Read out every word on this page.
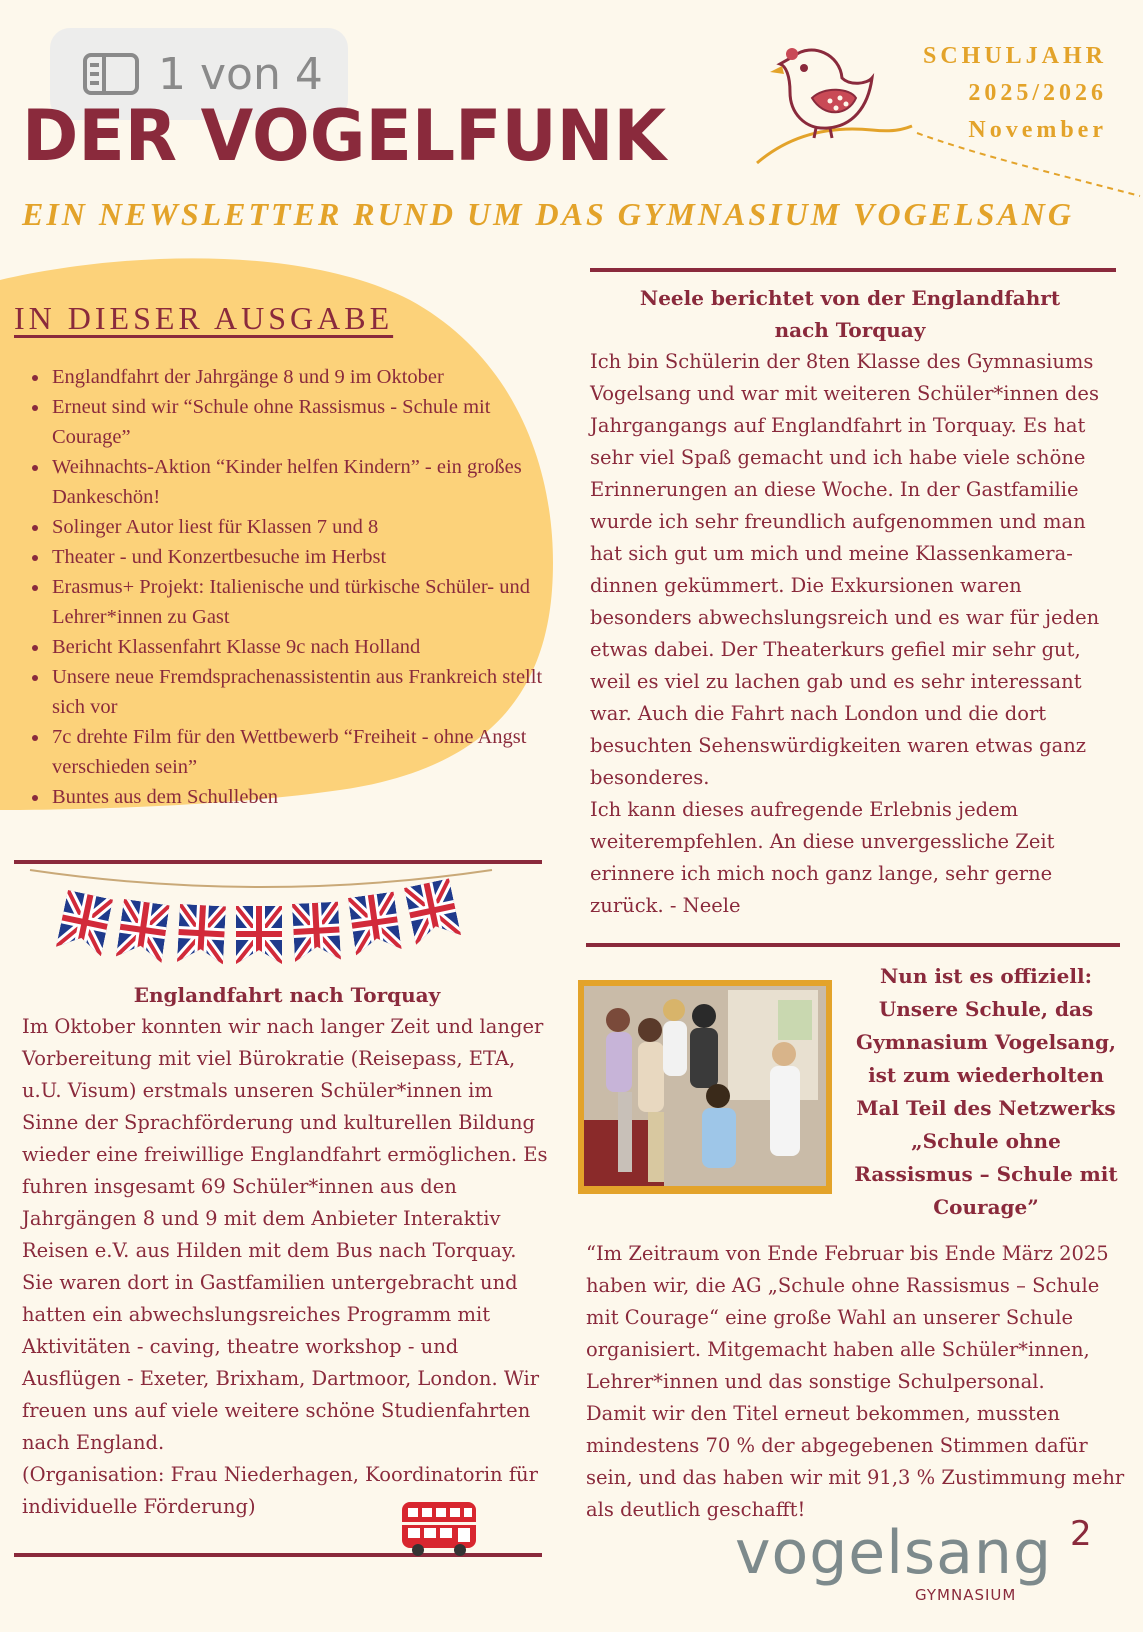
1 von 4
DER VOGELFUNK
SCHULJAHR
2025/2026
November
EIN NEWSLETTER RUND UM DAS GYMNASIUM VOGELSANG
IN DIESER AUSGABE
• Englandfahrt der Jahrgänge 8 und 9 im Oktober
• Erneut sind wir “Schule ohne Rassismus - Schule mit Courage”
• Weihnachts-Aktion “Kinder helfen Kindern” - ein großes Dankeschön!
• Solinger Autor liest für Klassen 7 und 8
• Theater - und Konzertbesuche im Herbst
• Erasmus+ Projekt: Italienische und türkische Schüler- und Lehrer*innen zu Gast
• Bericht Klassenfahrt Klasse 9c nach Holland
• Unsere neue Fremdsprachenassistentin aus Frankreich stellt sich vor
• 7c drehte Film für den Wettbewerb “Freiheit - ohne Angst verschieden sein”
• Buntes aus dem Schulleben
Neele berichtet von der Englandfahrt nach Torquay

Ich bin Schülerin der 8ten Klasse des Gymnasiums Vogelsang und war mit weiteren Schüler*innen des Jahrgangangs auf Englandfahrt in Torquay. Es hat sehr viel Spaß gemacht und ich habe viele schöne Erinnerungen an diese Woche. In der Gastfamilie wurde ich sehr freundlich aufgenommen und man hat sich gut um mich und meine Klassenkamera-dinnen gekümmert. Die Exkursionen waren besonders abwechslungsreich und es war für jeden etwas dabei. Der Theaterkurs gefiel mir sehr gut, weil es viel zu lachen gab und es sehr interessant war. Auch die Fahrt nach London und die dort besuchten Sehenswürdigkeiten waren etwas ganz besonderes.

Ich kann dieses aufregende Erlebnis jedem weiterempfehlen. An diese unvergessliche Zeit erinnere ich mich noch ganz lange, sehr gerne zurück. - Neele

Englandfahrt nach Torquay

Im Oktober konnten wir nach langer Zeit und langer Vorbereitung mit viel Bürokratie (Reisepass, ETA, u.U. Visum) erstmals unseren Schüler*innen im Sinne der Sprachförderung und kulturellen Bildung wieder eine freiwillige Englandfahrt ermöglichen. Es fuhren insgesamt 69 Schüler*innen aus den Jahrgängen 8 und 9 mit dem Anbieter Interaktiv Reisen e.V. aus Hilden mit dem Bus nach Torquay. Sie waren dort in Gastfamilien untergebracht und hatten ein abwechslungsreiches Programm mit Aktivitäten - caving, theatre workshop - und Ausflügen - Exeter, Brixham, Dartmoor, London. Wir freuen uns auf viele weitere schöne Studienfahrten nach England.

(Organisation: Frau Niederhagen, Koordinatorin für individuelle Förderung)

Nun ist es offiziell: Unsere Schule, das Gymnasium Vogelsang, ist zum wiederholten Mal Teil des Netzwerks „Schule ohne Rassismus – Schule mit Courage”

“Im Zeitraum von Ende Februar bis Ende März 2025 haben wir, die AG „Schule ohne Rassismus – Schule mit Courage“ eine große Wahl an unserer Schule organisiert. Mitgemacht haben alle Schüler*innen, Lehrer*innen und das sonstige Schulpersonal.

Damit wir den Titel erneut bekommen, mussten mindestens 70 % der abgegebenen Stimmen dafür sein, und das haben wir mit 91,3 % Zustimmung mehr als deutlich geschafft!

vogelsang 2
GYMNASIUM
